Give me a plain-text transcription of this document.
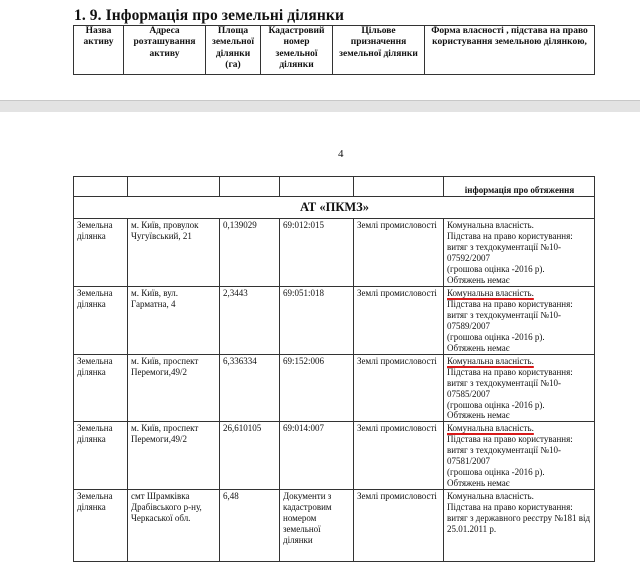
1. 9. Інформація про земельні ділянки
Назва активу	Адреса розташування активу	Площа земельної ділянки (га)	Кадастровий номер земельної ділянки	Цільове призначення земельної ділянки	Форма власності , підстава на право користування земельною ділянкою,
4
					інформація про обтяження
АТ «ПКМЗ»					
Земельна ділянка	м. Київ, провулок Чугуївський, 21	0,139029	69:012:015	Землі промисловості	Комунальна власність.
Підстава на право користування: витяг з техдокументації №10-07592/2007
(грошова оцінка -2016 р).
Обтяжень немає

Земельна ділянка	м. Київ, вул. Гарматна, 4	2,3443	69:051:018	Землі промисловості	Комунальна власність.
Підстава на право користування: витяг з техдокументації №10-07589/2007
(грошова оцінка -2016 р).
Обтяжень немає

Земельна ділянка	м. Київ, проспект Перемоги,49/2	6,336334	69:152:006	Землі промисловості	Комунальна власність.
Підстава на право користування: витяг з техдокументації №10-07585/2007
(грошова оцінка -2016 р).
Обтяжень немає

Земельна ділянка	м. Київ, проспект Перемоги,49/2	26,610105	69:014:007	Землі промисловості	Комунальна власність.
Підстава на право користування: витяг з техдокументації №10-07581/2007
(грошова оцінка -2016 р).
Обтяжень немає

Земельна ділянка	смт Шрамківка Драбівського р-ну, Черкаської обл.	6,48	Документи з кадастровим номером земельної ділянки	Землі промисловості	Комунальна власність.
Підстава на право користування: витяг з державного реєстру №181 від 25.01.2011 р.
